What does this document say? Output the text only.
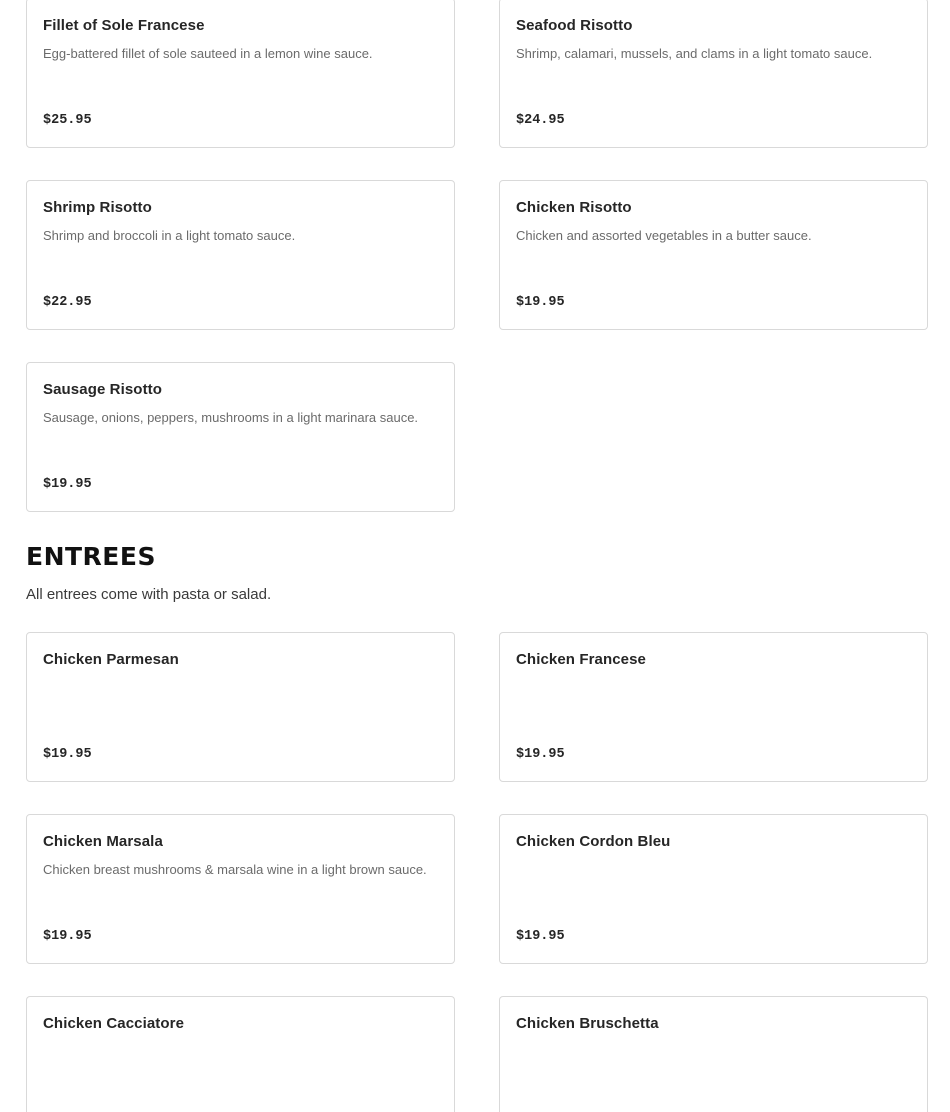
Fillet of Sole Francese
Egg-battered fillet of sole sauteed in a lemon wine sauce.
$25.95
Seafood Risotto
Shrimp, calamari, mussels, and clams in a light tomato sauce.
$24.95
Shrimp Risotto
Shrimp and broccoli in a light tomato sauce.
$22.95
Chicken Risotto
Chicken and assorted vegetables in a butter sauce.
$19.95
Sausage Risotto
Sausage, onions, peppers, mushrooms in a light marinara sauce.
$19.95
ENTREES

All entrees come with pasta or salad.

Chicken Parmesan
$19.95
Chicken Francese
$19.95
Chicken Marsala
Chicken breast mushrooms & marsala wine in a light brown sauce.
$19.95
Chicken Cordon Bleu
$19.95
Chicken Cacciatore	Chicken Bruschetta
